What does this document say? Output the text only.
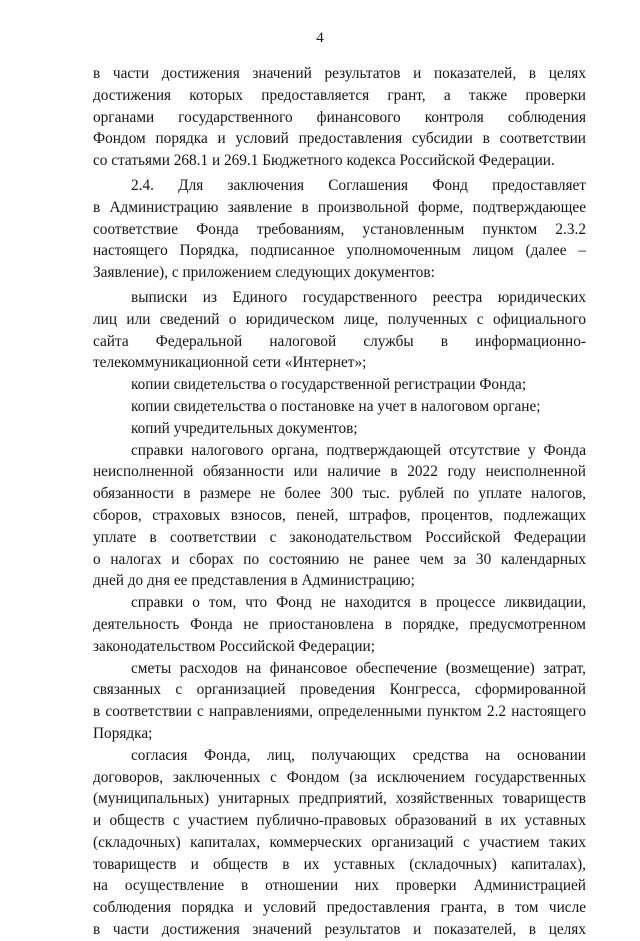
4
в части достижения значений результатов и показателей, в целях
достижения которых предоставляется грант, а также проверки
органами государственного финансового контроля соблюдения
Фондом порядка и условий предоставления субсидии в соответствии
со статьями 268.1 и 269.1 Бюджетного кодекса Российской Федерации.
2.4. Для заключения Соглашения Фонд предоставляет
в Администрацию заявление в произвольной форме, подтверждающее
соответствие Фонда требованиям, установленным пунктом 2.3.2
настоящего Порядка, подписанное уполномоченным лицом (далее –
Заявление), с приложением следующих документов:
выписки из Единого государственного реестра юридических
лиц или сведений о юридическом лице, полученных с официального
сайта Федеральной налоговой службы в информационно-
телекоммуникационной сети «Интернет»;
копии свидетельства о государственной регистрации Фонда;
копии свидетельства о постановке на учет в налоговом органе;
копий учредительных документов;
справки налогового органа, подтверждающей отсутствие у Фонда
неисполненной обязанности или наличие в 2022 году неисполненной
обязанности в размере не более 300 тыс. рублей по уплате налогов,
сборов, страховых взносов, пеней, штрафов, процентов, подлежащих
уплате в соответствии с законодательством Российской Федерации
о налогах и сборах по состоянию не ранее чем за 30 календарных
дней до дня ее представления в Администрацию;
справки о том, что Фонд не находится в процессе ликвидации,
деятельность Фонда не приостановлена в порядке, предусмотренном
законодательством Российской Федерации;
сметы расходов на финансовое обеспечение (возмещение) затрат,
связанных с организацией проведения Конгресса, сформированной
в соответствии с направлениями, определенными пунктом 2.2 настоящего
Порядка;
согласия Фонда, лиц, получающих средства на основании
договоров, заключенных с Фондом (за исключением государственных
(муниципальных) унитарных предприятий, хозяйственных товариществ
и обществ с участием публично-правовых образований в их уставных
(складочных) капиталах, коммерческих организаций с участием таких
товариществ и обществ в их уставных (складочных) капиталах),
на осуществление в отношении них проверки Администрацией
соблюдения порядка и условий предоставления гранта, в том числе
в части достижения значений результатов и показателей, в целях
